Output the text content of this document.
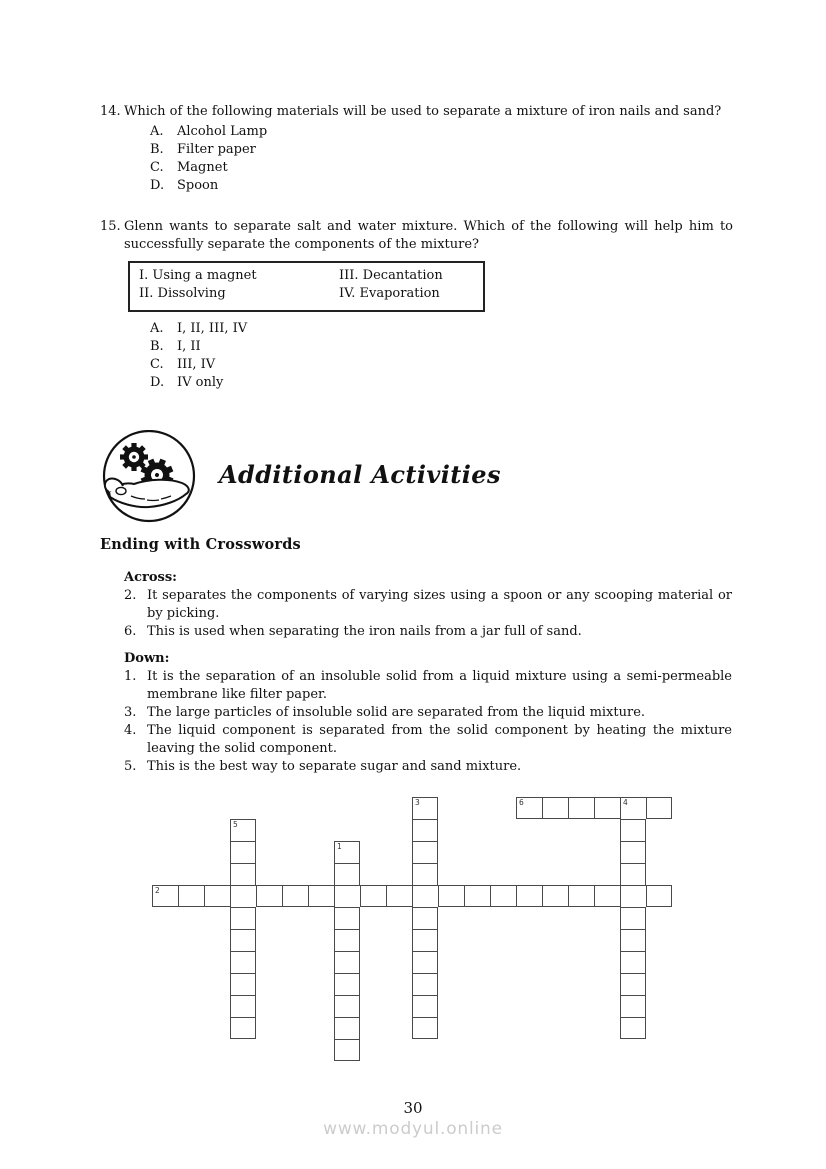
14. Which of the following materials will be used to separate a mixture of iron nails and sand?
A.	Alcohol Lamp
B.	Filter paper
C.	Magnet
D. Spoon
15. Glenn wants to separate salt and water mixture. Which of the following will help him to successfully separate the components of the mixture?
I. Using a magnet
II. Dissolving
III. Decantation
IV. Evaporation
A.	I, II, III, IV
B.	I, II
C.	III, IV
D. IV only
Additional Activities
Ending with Crosswords
Across:
2. It separates the components of varying sizes using a spoon or any scooping material or by picking.
6. This is used when separating the iron nails from a jar full of sand.
Down:
1. It is the separation of an insoluble solid from a liquid mixture using a semi-permeable membrane like filter paper.
3. The large particles of insoluble solid are separated from the liquid mixture.
4. The liquid component is separated from the solid component by heating the mixture leaving the solid component.
5. This is the best way to separate sugar and sand mixture.
2
6	4
1
3
5
30
www.modyul.online
